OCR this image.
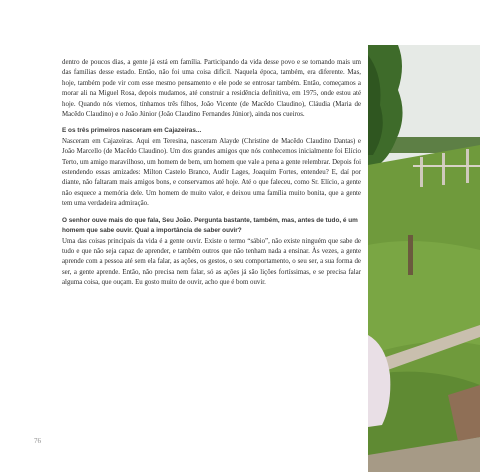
dentro de poucos dias, a gente já está em família. Participando da vida desse povo e se tornando mais um das famílias desse estado. Então, não foi uma coisa difícil. Naquela época, também, era diferente. Mas, hoje, também pode vir com esse mesmo pensamento e ele pode se entrosar também. Então, começamos a morar ali na Miguel Rosa, depois mudamos, até construir a residência definitiva, em 1975, onde estou até hoje. Quando nós viemos, tínhamos três filhos, João Vicente (de Macêdo Claudino), Cláudia (Maria de Macêdo Claudino) e o João Júnior (João Claudino Fernandes Júnior), ainda nos cueiros.

E os três primeiros nasceram em Cajazeiras...

Nasceram em Cajazeiras. Aqui em Teresina, nasceram Alayde (Christine de Macêdo Claudino Dantas) e João Marcello (de Macêdo Claudino). Um dos grandes amigos que nós conhecemos inicialmente foi Elício Terto, um amigo maravilhoso, um homem de bem, um homem que vale a pena a gente relembrar. Depois foi estendendo essas amizades: Milton Castelo Branco, Audir Lages, Joaquim Fortes, entendeu? E, daí por diante, não faltaram mais amigos bons, e conservamos até hoje. Até o que faleceu, como Sr. Elício, a gente não esquece a memória dele. Um homem de muito valor, e deixou uma família muito bonita, que a gente tem uma verdadeira admiração.

O senhor ouve mais do que fala, Seu João. Pergunta bastante, também, mas, antes de tudo, é um homem que sabe ouvir. Qual a importância de saber ouvir?

Uma das coisas principais da vida é a gente ouvir. Existe o termo “sábio”, não existe ninguém que sabe de tudo e que não seja capaz de aprender, e também outros que não tenham nada a ensinar. Às vezes, a gente aprende com a pessoa até sem ela falar, as ações, os gestos, o seu comportamento, o seu ser, a sua forma de ser, a gente aprende. Então, não precisa nem falar, só as ações já são lições fortíssimas, e se precisa falar alguma coisa, que ouçam. Eu gosto muito de ouvir, acho que é bom ouvir.

76
